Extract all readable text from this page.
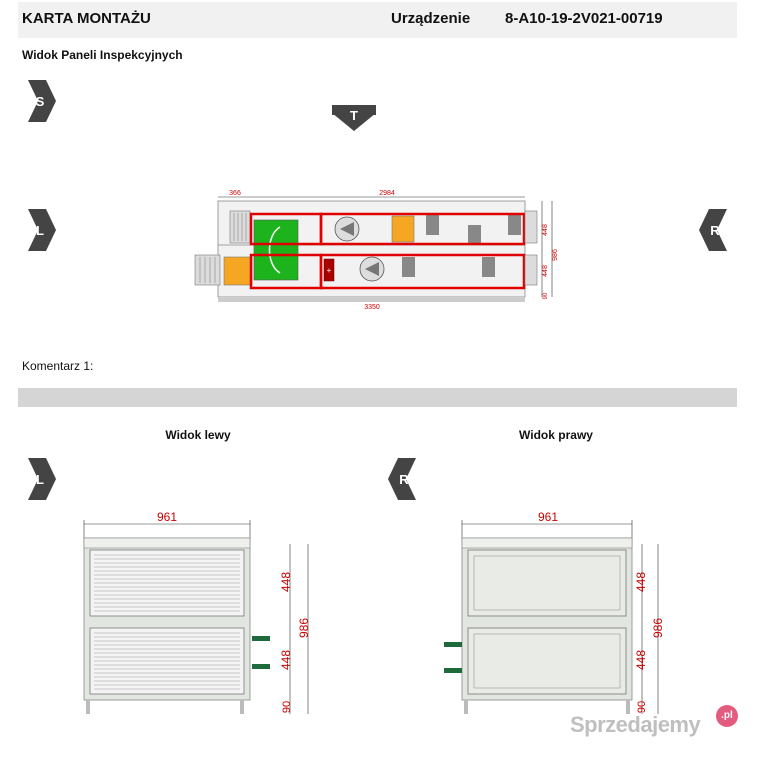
KARTA MONTAŻU	Urządzenie 8-A10-19-2V021-00719
Widok Paneli Inspekcyjnych
S
T
L	R
366	2984
+
448
448
986
90
3350
Komentarz 1:
Widok lewy	Widok prawy
L	R
961
448
448
986
90
961
448
448
986
90
Sprzedajemy	.pl
